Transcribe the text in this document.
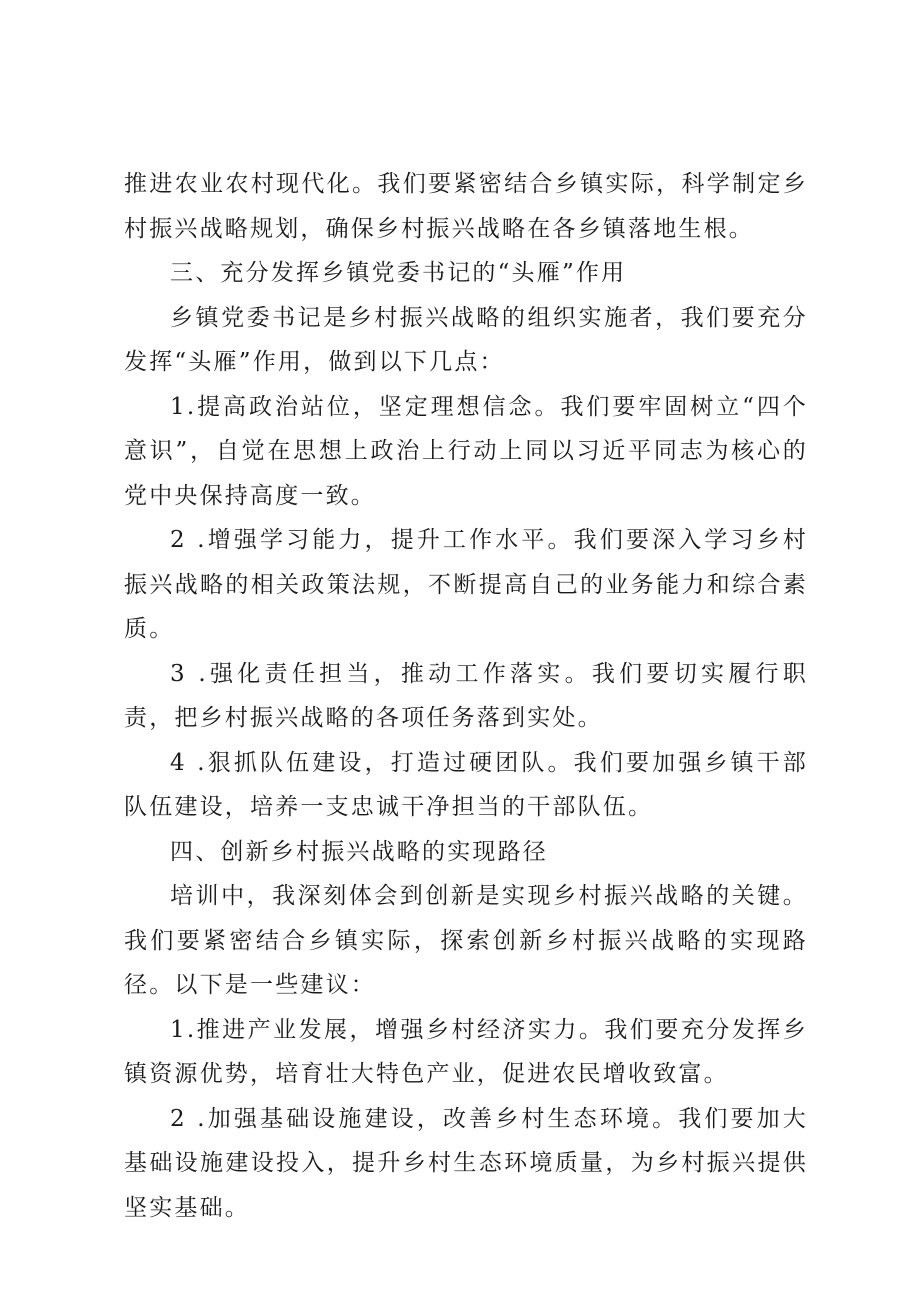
推进农业农村现代化。我们要紧密结合乡镇实际，科学制定乡村振兴战略规划，确保乡村振兴战略在各乡镇落地生根。

三、充分发挥乡镇党委书记的“头雁”作用

乡镇党委书记是乡村振兴战略的组织实施者，我们要充分发挥“头雁”作用，做到以下几点：

1.提高政治站位，坚定理想信念。我们要牢固树立“四个意识”，自觉在思想上政治上行动上同以习近平同志为核心的党中央保持高度一致。

2 .增强学习能力，提升工作水平。我们要深入学习乡村振兴战略的相关政策法规，不断提高自己的业务能力和综合素质。

3 .强化责任担当，推动工作落实。我们要切实履行职责，把乡村振兴战略的各项任务落到实处。

4 .狠抓队伍建设，打造过硬团队。我们要加强乡镇干部队伍建设，培养一支忠诚干净担当的干部队伍。

四、创新乡村振兴战略的实现路径

培训中，我深刻体会到创新是实现乡村振兴战略的关键。我们要紧密结合乡镇实际，探索创新乡村振兴战略的实现路径。以下是一些建议：

1.推进产业发展，增强乡村经济实力。我们要充分发挥乡镇资源优势，培育壮大特色产业，促进农民增收致富。

2 .加强基础设施建设，改善乡村生态环境。我们要加大基础设施建设投入，提升乡村生态环境质量，为乡村振兴提供坚实基础。
